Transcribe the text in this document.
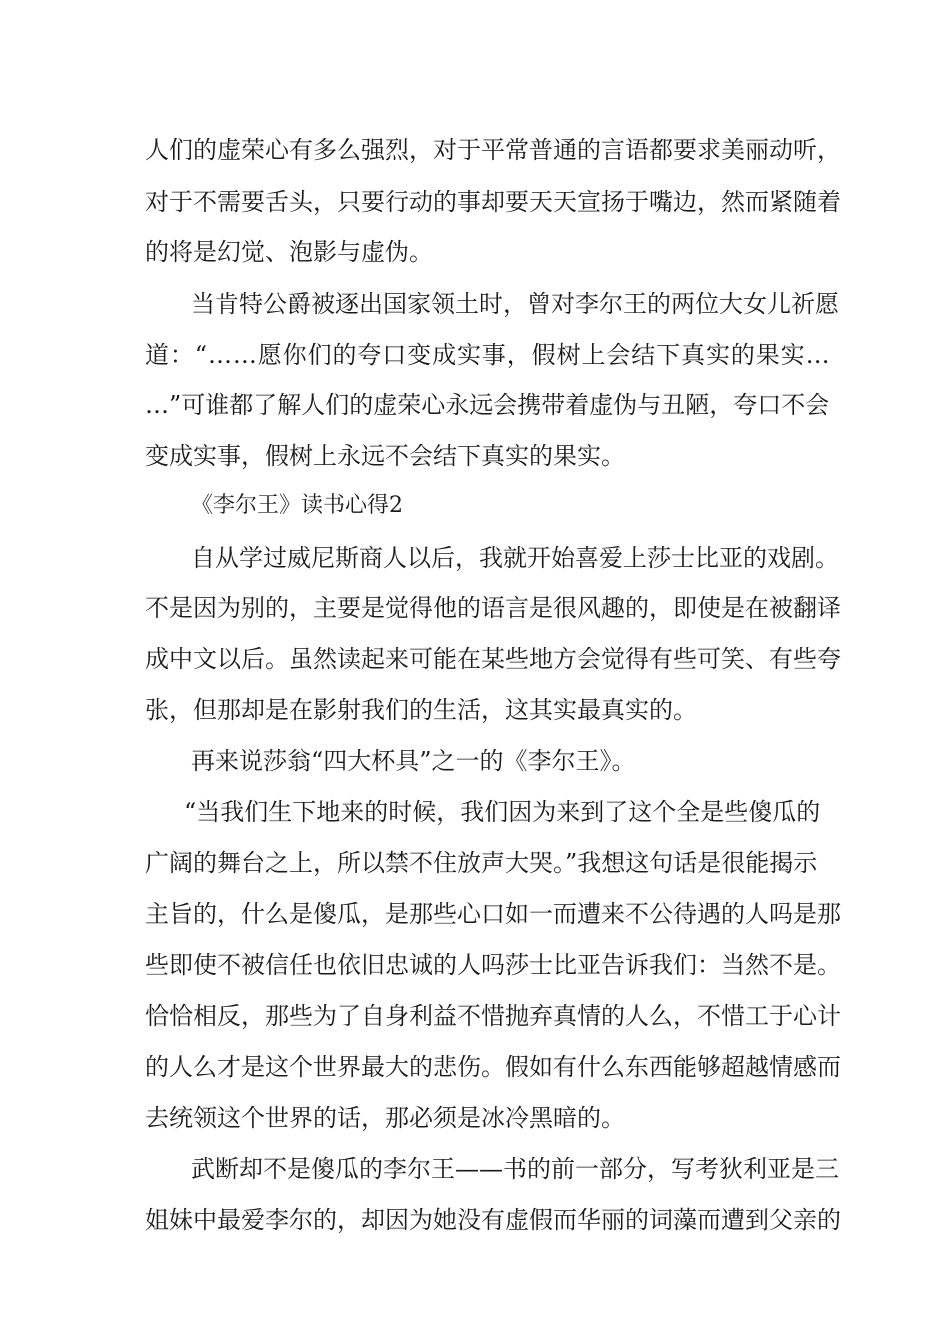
人们的虚荣心有多么强烈，对于平常普通的言语都要求美丽动听，
对于不需要舌头，只要行动的事却要天天宣扬于嘴边，然而紧随着
的将是幻觉、泡影与虚伪。
当肯特公爵被逐出国家领土时，曾对李尔王的两位大女儿祈愿
道：“……愿你们的夸口变成实事，假树上会结下真实的果实…
…”可谁都了解人们的虚荣心永远会携带着虚伪与丑陋，夸口不会
变成实事，假树上永远不会结下真实的果实。
《李尔王》读书心得2
自从学过威尼斯商人以后，我就开始喜爱上莎士比亚的戏剧。
不是因为别的，主要是觉得他的语言是很风趣的，即使是在被翻译
成中文以后。虽然读起来可能在某些地方会觉得有些可笑、有些夸
张，但那却是在影射我们的生活，这其实最真实的。
再来说莎翁“四大杯具”之一的《李尔王》。
“当我们生下地来的时候，我们因为来到了这个全是些傻瓜的
广阔的舞台之上，所以禁不住放声大哭。”我想这句话是很能揭示
主旨的，什么是傻瓜，是那些心口如一而遭来不公待遇的人吗是那
些即使不被信任也依旧忠诚的人吗莎士比亚告诉我们：当然不是。
恰恰相反，那些为了自身利益不惜抛弃真情的人么，不惜工于心计
的人么才是这个世界最大的悲伤。假如有什么东西能够超越情感而
去统领这个世界的话，那必须是冰冷黑暗的。
武断却不是傻瓜的李尔王——书的前一部分，写考狄利亚是三
姐妹中最爱李尔的，却因为她没有虚假而华丽的词藻而遭到父亲的
